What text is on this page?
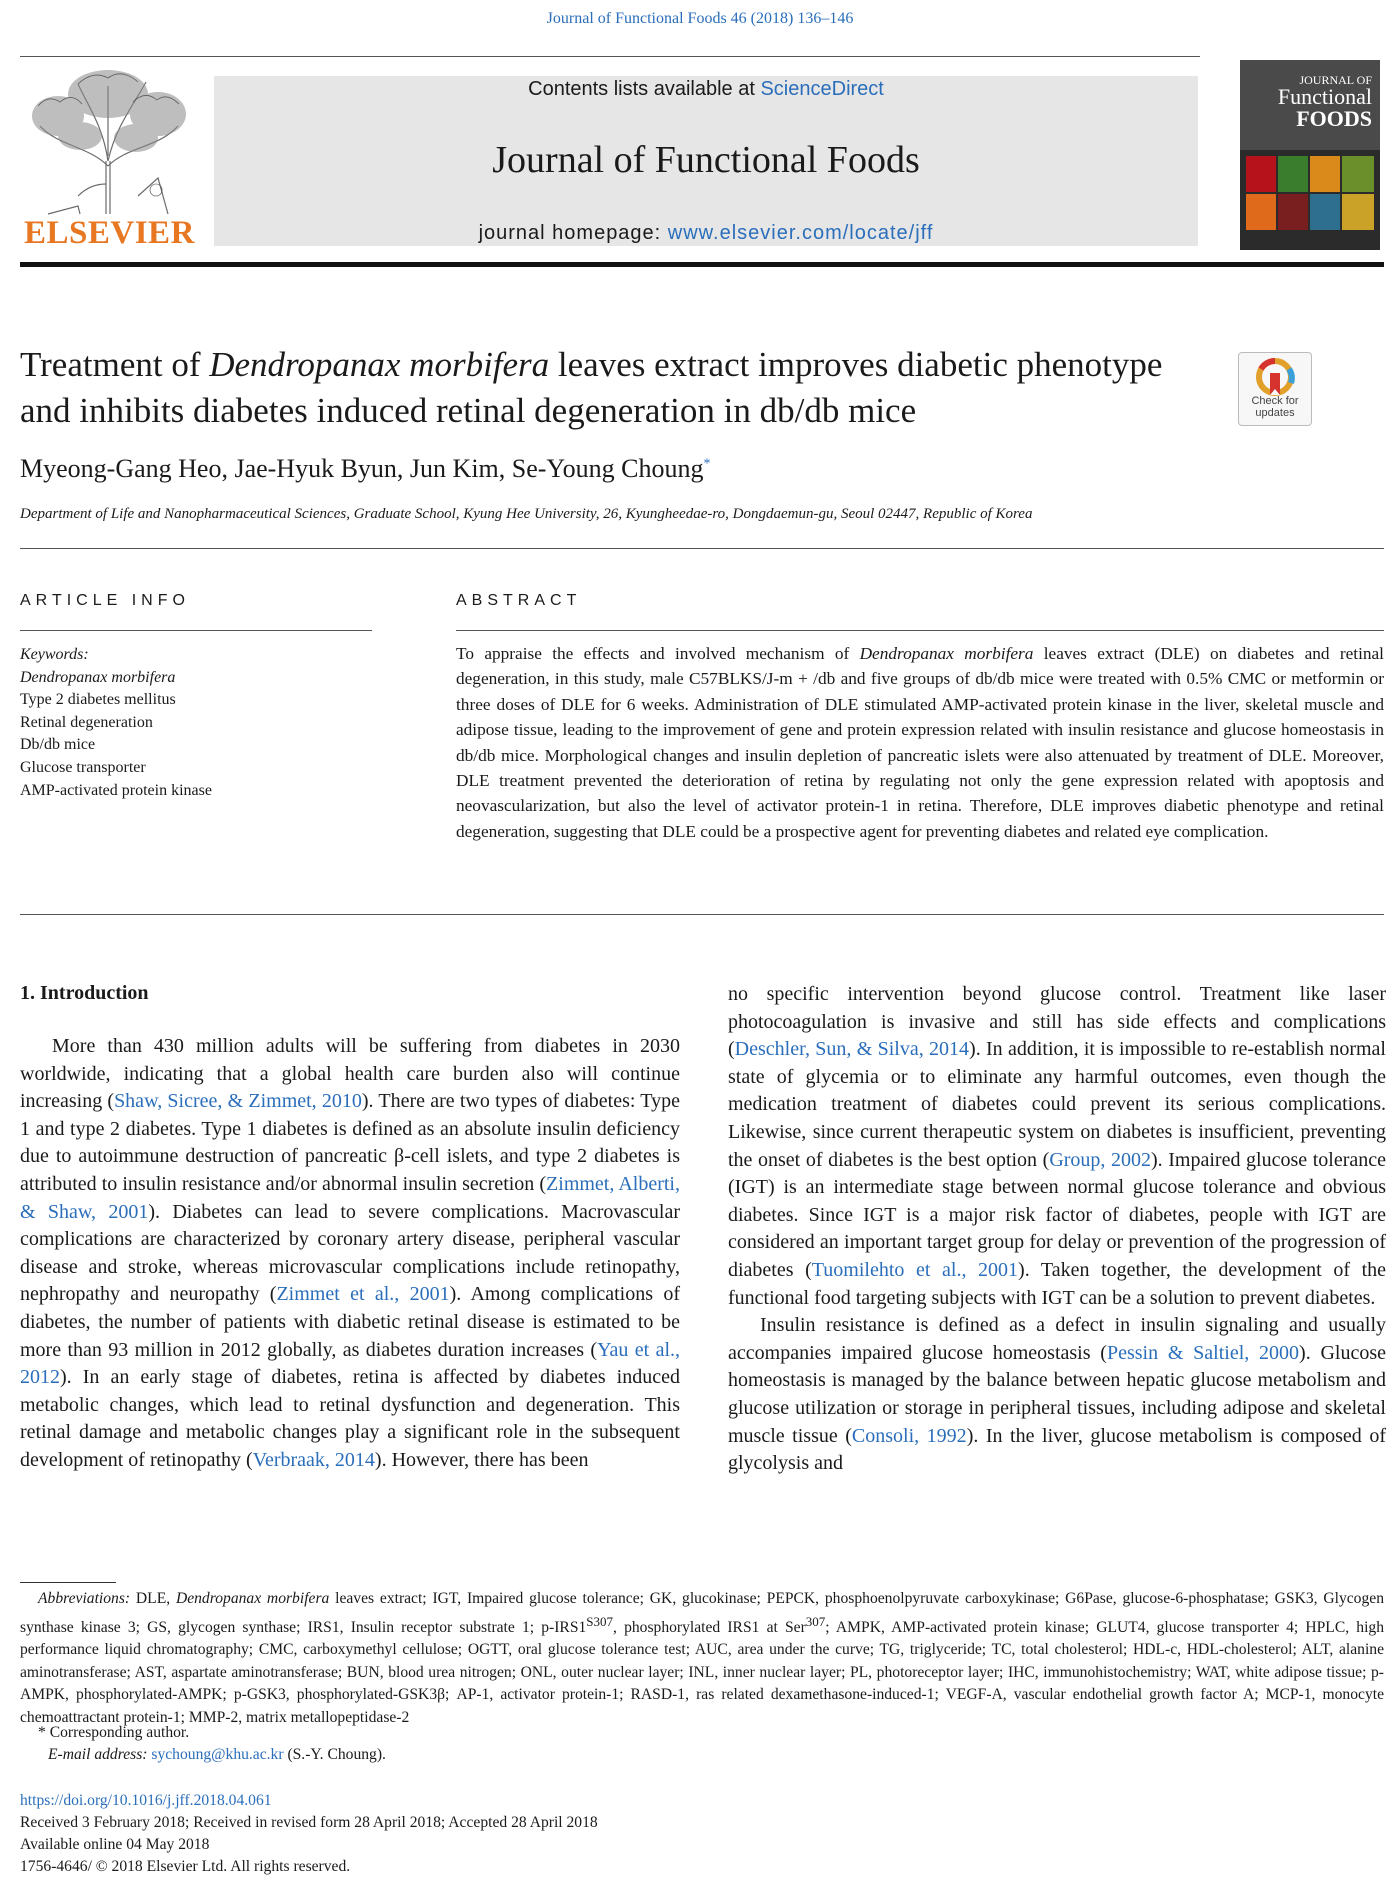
Journal of Functional Foods 46 (2018) 136–146
ELSEVIER
Contents lists available at ScienceDirect
Journal of Functional Foods
journal homepage: www.elsevier.com/locate/jff
JOURNAL OF
Functional
FOODS
Treatment of Dendropanax morbifera leaves extract improves diabetic phenotype and inhibits diabetes induced retinal degeneration in db/db mice	Check for updates
Myeong-Gang Heo, Jae-Hyuk Byun, Jun Kim, Se-Young Choung*
Department of Life and Nanopharmaceutical Sciences, Graduate School, Kyung Hee University, 26, Kyungheedae-ro, Dongdaemun-gu, Seoul 02447, Republic of Korea
ARTICLE INFO	ABSTRACT
Keywords:
Dendropanax morbifera
Type 2 diabetes mellitus
Retinal degeneration
Db/db mice
Glucose transporter
AMP-activated protein kinase
To appraise the effects and involved mechanism of Dendropanax morbifera leaves extract (DLE) on diabetes and retinal degeneration, in this study, male C57BLKS/J-m + /db and five groups of db/db mice were treated with 0.5% CMC or metformin or three doses of DLE for 6 weeks. Administration of DLE stimulated AMP-activated protein kinase in the liver, skeletal muscle and adipose tissue, leading to the improvement of gene and protein expression related with insulin resistance and glucose homeostasis in db/db mice. Morphological changes and insulin depletion of pancreatic islets were also attenuated by treatment of DLE. Moreover, DLE treatment prevented the deterioration of retina by regulating not only the gene expression related with apoptosis and neovascularization, but also the level of activator protein-1 in retina. Therefore, DLE improves diabetic phenotype and retinal degeneration, suggesting that DLE could be a prospective agent for preventing diabetes and related eye complication.
1. Introduction

More than 430 million adults will be suffering from diabetes in 2030 worldwide, indicating that a global health care burden also will continue increasing (Shaw, Sicree, & Zimmet, 2010). There are two types of diabetes: Type 1 and type 2 diabetes. Type 1 diabetes is defined as an absolute insulin deficiency due to autoimmune destruction of pancreatic β-cell islets, and type 2 diabetes is attributed to insulin resistance and/or abnormal insulin secretion (Zimmet, Alberti, & Shaw, 2001). Diabetes can lead to severe complications. Macrovascular complications are characterized by coronary artery disease, peripheral vascular disease and stroke, whereas microvascular complications include retinopathy, nephropathy and neuropathy (Zimmet et al., 2001). Among complications of diabetes, the number of patients with diabetic retinal disease is estimated to be more than 93 million in 2012 globally, as diabetes duration increases (Yau et al., 2012). In an early stage of diabetes, retina is affected by diabetes induced metabolic changes, which lead to retinal dysfunction and degeneration. This retinal damage and metabolic changes play a significant role in the subsequent development of retinopathy (Verbraak, 2014). However, there has been

no specific intervention beyond glucose control. Treatment like laser photocoagulation is invasive and still has side effects and complications (Deschler, Sun, & Silva, 2014). In addition, it is impossible to re-establish normal state of glycemia or to eliminate any harmful outcomes, even though the medication treatment of diabetes could prevent its serious complications. Likewise, since current therapeutic system on diabetes is insufficient, preventing the onset of diabetes is the best option (Group, 2002). Impaired glucose tolerance (IGT) is an intermediate stage between normal glucose tolerance and obvious diabetes. Since IGT is a major risk factor of diabetes, people with IGT are considered an important target group for delay or prevention of the progression of diabetes (Tuomilehto et al., 2001). Taken together, the development of the functional food targeting subjects with IGT can be a solution to prevent diabetes.

Insulin resistance is defined as a defect in insulin signaling and usually accompanies impaired glucose homeostasis (Pessin & Saltiel, 2000). Glucose homeostasis is managed by the balance between hepatic glucose metabolism and glucose utilization or storage in peripheral tissues, including adipose and skeletal muscle tissue (Consoli, 1992). In the liver, glucose metabolism is composed of glycolysis and

Abbreviations: DLE, Dendropanax morbifera leaves extract; IGT, Impaired glucose tolerance; GK, glucokinase; PEPCK, phosphoenolpyruvate carboxykinase; G6Pase, glucose-6-phosphatase; GSK3, Glycogen synthase kinase 3; GS, glycogen synthase; IRS1, Insulin receptor substrate 1; $p-IRS1^{S307}$, phosphorylated IRS1 at Ser$^{307}$; AMPK, AMP-activated protein kinase; GLUT4, glucose transporter 4; HPLC, high performance liquid chromatography; CMC, carboxymethyl cellulose; OGTT, oral glucose tolerance test; AUC, area under the curve; TG, triglyceride; TC, total cholesterol; HDL-c, HDL-cholesterol; ALT, alanine aminotransferase; AST, aspartate aminotransferase; BUN, blood urea nitrogen; ONL, outer nuclear layer; INL, inner nuclear layer; PL, photoreceptor layer; IHC, immunohistochemistry; WAT, white adipose tissue; p-AMPK, phosphorylated-AMPK; p-GSK3, phosphorylated-GSK3β; AP-1, activator protein-1; RASD-1, ras related dexamethasone-induced-1; VEGF-A, vascular endothelial growth factor A; MCP-1, monocyte chemoattractant protein-1; MMP-2, matrix metallopeptidase-2
* Corresponding author.
E-mail address: sychoung@khu.ac.kr (S.-Y. Choung).
https://doi.org/10.1016/j.jff.2018.04.061
Received 3 February 2018; Received in revised form 28 April 2018; Accepted 28 April 2018
Available online 04 May 2018
1756-4646/ © 2018 Elsevier Ltd. All rights reserved.
